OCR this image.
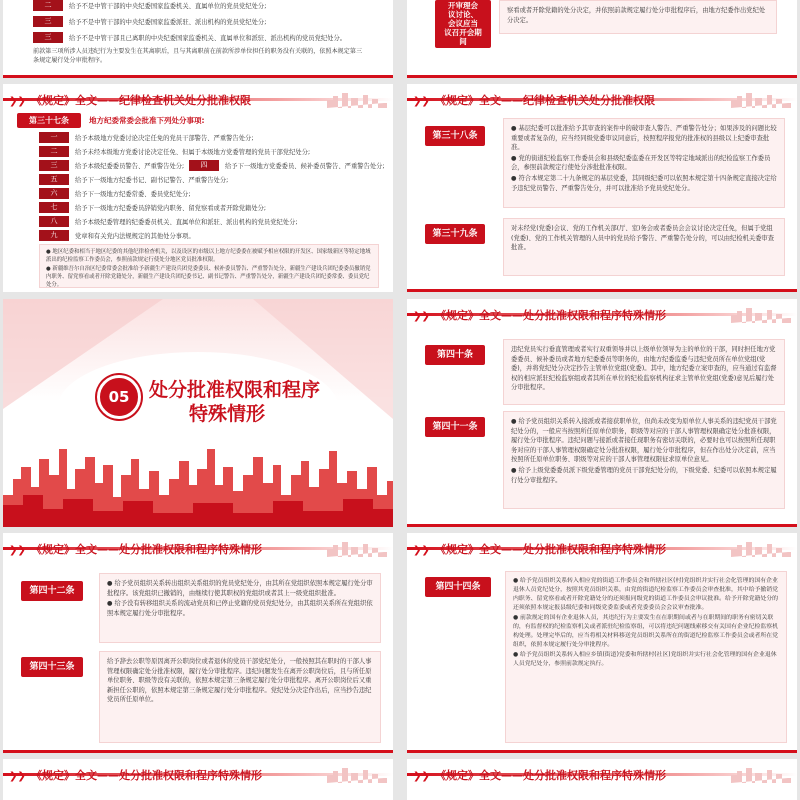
二	给予不是中管干部的中央纪委国家监委机关、直属单位的党员党纪处分;
三	给予不是中管干部的中央纪委国家监委派驻、派出机构的党员党纪处分;
三	给予不是中管干部且已离职的中央纪委国家监委机关、直属单位和派驻、派出机构的党员党纪处分。
前款第三项所涉人员违纪行为主要发生在其离职后，且与其离职前在前款所涉单位担任的职务没有关联的，依照本规定第三条规定履行处分审批程序。
开审理会
议讨论、
会议应当
议召开会期
间
察看或者开除党籍的处分决定，并依照前款规定履行处分审批程序后，由地方纪委作出党纪处分决定。
❯❯ 《规定》全文——纪律检查机关处分批准权限
第三十七条	地方纪委常委会批准下列处分事项:
一	给予本级地方党委讨论决定任免的党员干部警告、严重警告处分;
二	给予未经本级地方党委讨论决定任免、但属于本级地方党委管理的党员干部党纪处分;
三	给予本级纪委委员警告、严重警告处分;	四	给予下一级地方党委委员、候补委员警告、严重警告处分;
五	给予下一级地方纪委书记、副书记警告、严重警告处分;
六	给予下一级地方纪委常委、委员党纪处分;
七	给予下一级地方纪委委员辞销党内职务、留党察看或者开除党籍处分;
八	给予本级纪委管理的纪委委员机关、直属单位和派驻、派出机构的党员党纪处分;
九	党章和有关党内法规规定的其他处分事项。

● 地区纪委和相当于地区纪委的其他纪律检查机关，以及设区的市级以上地方纪委委在被赋予相应权限的开发区、国家级新区等特定地域派出的纪检监察工作委员会，参照前款规定行使处分地区党员批准权限。

● 新疆维吾尔自治区纪委常委会批准给予新疆生产建设兵团党委委员、候补委员警告、严重警告处分，新疆生产建设兵团纪委委员撤销党内职务、留党察看或者开除党籍处分，新疆生产建设兵团纪委书记、副书记警告、严重警告处分，新疆生产建设兵团纪委常委、委员党纪处分。

❯❯ 《规定》全文——纪律检查机关处分批准权限
第三十八条

● 基层纪委可以批准给予其审查的案件中的破审查人警告、严重警告处分；如果涉及的问题比较重要或者复杂的，应当经同级党委审议同意后，按照程序报党的批准权的县级以上纪委审查批准。

● 党的街道纪检监察工作委员会和县级纪委监委在开发区等特定地域派出的纪检监察工作委员会，参照前款规定行使处分涉批批准权限。

● 符合本规定第二十九条规定的基层党委，其同级纪委可以依照本规定第十四条规定直接决定给予违纪党员警告、严重警告处分，并可以批准给予党员党纪处分。

第三十九条
对未经党(党委)会议、党的工作机关部(厅、室)务会或者委员会会议讨论决定任免，但属于党组(党委)、党的工作机关管理的人员中的党员给予警告、严重警告处分的，可以由纪检机关委审查批准。
05	处分批准权限和程序
特殊情形
❯❯ 《规定》全文——处分批准权限和程序特殊情形
第四十条
违纪党员实行垂直管理或者实行双重领导并以上级单位领导为主的单位的干部，同时担任地方党委委员、候补委员或者地方纪委委员等职务的，由地方纪委监委与违纪党员所在单位党组(党委)，并将党纪处分决定抄告主管单位党组(党委)。其中，地方纪委立案审查的，应当通过有监督权的相应派驻纪检监察组或者其所在单位的纪检监察机构征求主管单位党组(党委)意见后履行处分审批程序。
第四十一条

● 给予党员组织关系转入接派或者接获职单位，但尚未改变为原单位人事关系的违纪党员干部党纪处分的，一般应当按照所任原单位职务，职级等对应的干部人事管理权限确定处分批准权限，履行处分审批程序。违纪问题与接派或者接任现职务有密切关联的，必要时也可以按照所任现职务对应的干部人事管理权限确定处分批准权限，履行处分审批程序，但在作出处分决定前，应当按照所任原单位职务、职级等对应的干部人事管理权限征求原单位意见。

● 给予上级党委委员派下级党委管理的党员干部党纪处分的，下级党委、纪委可以依照本规定履行处分审批程序。

❯❯ 《规定》全文——处分批准权限和程序特殊情形
第四十二条

● 给予党员组织关系转出组织关系组织的党员党纪处分，由其所在党组织依照本规定履行处分审批程序。该党组织已撤销的，由继续行使其职权的党组织或者其上一级党组织批准。

● 给予没有转移组织关系的流动党员和已停止党籍的党员党纪处分，由其组织关系所在党组织依照本规定履行处分审批程序。

第四十三条
给予辞去公职等原因离开公职岗位或者退休的党员干部党纪处分，一般按照其在职时的干部人事管理权限确定处分批准权限，履行处分审批程序。违纪问题发生在离开公职岗位后，且与所任原单位职务、职级等没有关联的，依照本规定第三条规定履行处分审批程序。离开公职岗位后又重新担任公职的，依照本规定第三条规定履行处分审批程序。党纪处分决定作出后，应当抄告违纪党员所任原单位。
❯❯ 《规定》全文——处分批准权限和程序特殊情形
第四十四条

● 给予党员组织关系转入相应党的街道工作委员会和所辖社区(村)党组织并实行社会化管理的国有企业退休人员党纪处分，按照其党员组织关系，由党的街道纪检监察工作委员会审查批准，其中给予撤销党内职务、留党察看或者开除党籍处分的还须报同级党的街道工作委员会审议批准。给予开除党籍处分的还须依照本规定报县级纪委和同级党委监委或者党委委员会会议审查批准。

● 前款规定的国有企业退休人员，其违纪行为主要发生在在职期间或者与在职期间的职务有密切关联的，有监督权的纪检监察机关或者派驻纪检监察组，可以将违纪问题线索移交有关国有企业纪检监察机构处理。处理完毕后的，应当将相关材料移送党员组织关系所在的街道纪检监察工作委员会或者所在党组织，依照本规定履行处分审批程序。

● 给予党员组织关系转入相应乡镇(街道)党委和所辖村(社区)党组织并实行社会化管理的国有企业退休人员党纪处分，参照前款规定执行。

❯❯ 《规定》全文——处分批准权限和程序特殊情形	❯❯ 《规定》全文——处分批准权限和程序特殊情形
